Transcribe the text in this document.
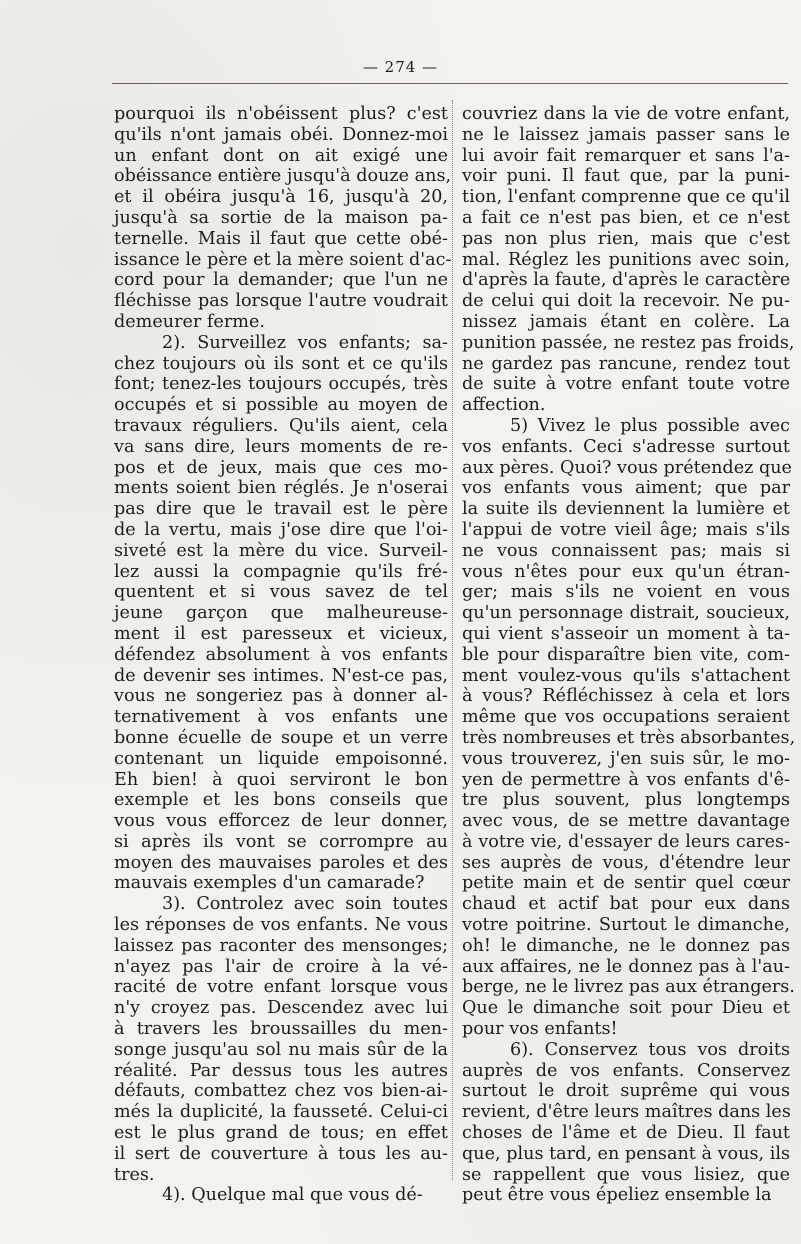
— 274 —
pourquoi ils n'obéissent plus? c'est
qu'ils n'ont jamais obéi. Donnez-moi
un enfant dont on ait exigé une
obéissance entière jusqu'à douze ans,
et il obéira jusqu'à 16, jusqu'à 20,
jusqu'à sa sortie de la maison pa-
ternelle. Mais il faut que cette obé-
issance le père et la mère soient d'ac-
cord pour la demander; que l'un ne
fléchisse pas lorsque l'autre voudrait
demeurer ferme.
2). Surveillez vos enfants; sa-
chez toujours où ils sont et ce qu'ils
font; tenez-les toujours occupés, très
occupés et si possible au moyen de
travaux réguliers. Qu'ils aient, cela
va sans dire, leurs moments de re-
pos et de jeux, mais que ces mo-
ments soient bien réglés. Je n'oserai
pas dire que le travail est le père
de la vertu, mais j'ose dire que l'oi-
siveté est la mère du vice. Surveil-
lez aussi la compagnie qu'ils fré-
quentent et si vous savez de tel
jeune garçon que malheureuse-
ment il est paresseux et vicieux,
défendez absolument à vos enfants
de devenir ses intimes. N'est-ce pas,
vous ne songeriez pas à donner al-
ternativement à vos enfants une
bonne écuelle de soupe et un verre
contenant un liquide empoisonné.
Eh bien! à quoi serviront le bon
exemple et les bons conseils que
vous vous efforcez de leur donner,
si après ils vont se corrompre au
moyen des mauvaises paroles et des
mauvais exemples d'un camarade?
3). Controlez avec soin toutes
les réponses de vos enfants. Ne vous
laissez pas raconter des mensonges;
n'ayez pas l'air de croire à la vé-
racité de votre enfant lorsque vous
n'y croyez pas. Descendez avec lui
à travers les broussailles du men-
songe jusqu'au sol nu mais sûr de la
réalité. Par dessus tous les autres
défauts, combattez chez vos bien-ai-
més la duplicité, la fausseté. Celui-ci
est le plus grand de tous; en effet
il sert de couverture à tous les au-
tres.
4). Quelque mal que vous dé-
couvriez dans la vie de votre enfant,
ne le laissez jamais passer sans le
lui avoir fait remarquer et sans l'a-
voir puni. Il faut que, par la puni-
tion, l'enfant comprenne que ce qu'il
a fait ce n'est pas bien, et ce n'est
pas non plus rien, mais que c'est
mal. Réglez les punitions avec soin,
d'après la faute, d'après le caractère
de celui qui doit la recevoir. Ne pu-
nissez jamais étant en colère. La
punition passée, ne restez pas froids,
ne gardez pas rancune, rendez tout
de suite à votre enfant toute votre
affection.
5) Vivez le plus possible avec
vos enfants. Ceci s'adresse surtout
aux pères. Quoi? vous prétendez que
vos enfants vous aiment; que par
la suite ils deviennent la lumière et
l'appui de votre vieil âge; mais s'ils
ne vous connaissent pas; mais si
vous n'êtes pour eux qu'un étran-
ger; mais s'ils ne voient en vous
qu'un personnage distrait, soucieux,
qui vient s'asseoir un moment à ta-
ble pour disparaître bien vite, com-
ment voulez-vous qu'ils s'attachent
à vous? Réfléchissez à cela et lors
même que vos occupations seraient
très nombreuses et très absorbantes,
vous trouverez, j'en suis sûr, le mo-
yen de permettre à vos enfants d'ê-
tre plus souvent, plus longtemps
avec vous, de se mettre davantage
à votre vie, d'essayer de leurs cares-
ses auprès de vous, d'étendre leur
petite main et de sentir quel cœur
chaud et actif bat pour eux dans
votre poitrine. Surtout le dimanche,
oh! le dimanche, ne le donnez pas
aux affaires, ne le donnez pas à l'au-
berge, ne le livrez pas aux étrangers.
Que le dimanche soit pour Dieu et
pour vos enfants!
6). Conservez tous vos droits
auprès de vos enfants. Conservez
surtout le droit suprême qui vous
revient, d'être leurs maîtres dans les
choses de l'âme et de Dieu. Il faut
que, plus tard, en pensant à vous, ils
se rappellent que vous lisiez, que
peut être vous épeliez ensemble la
